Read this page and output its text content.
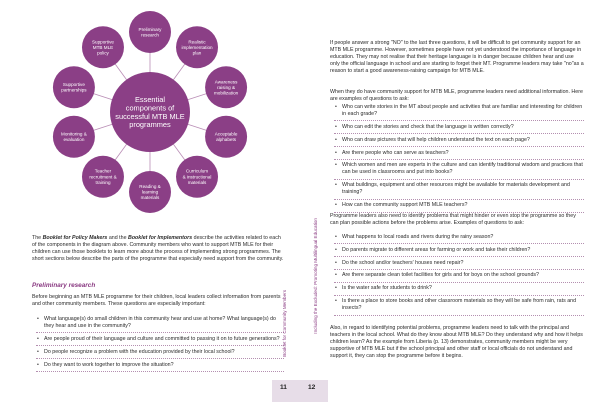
Essential components of successful MTB MLE programmes
Preliminary research
Realistic implementation plan
Awareness raising & mobilization
Acceptable alphabets
Curriculum & instructional materials
Reading & learning materials
Teacher recruitment & training
Monitoring & evaluation
Supportive partnerships
Supportive MTB MLE policy

The Booklet for Policy Makers and the Booklet for Implementors describe the activities related to each of the components in the diagram above. Community members who want to support MTB MLE for their children can use those booklets to learn more about the process of implementing strong programmes. The short sections below describe the parts of the programme that especially need support from the community.

Preliminary research
Before beginning an MTB MLE programme for their children, local leaders collect information from parents and other community members. These questions are especially important:
• What language(s) do small children in this community hear and use at home? What language(s) do they hear and use in the community?
• Are people proud of their language and culture and committed to passing it on to future generations?
• Do people recognize a problem with the education provided by their local school?
• Do they want to work together to improve the situation?
Booklet for Community Members
11	12
Including the Excluded: Promoting Multilingual Education
If people answer a strong "NO" to the last three questions, it will be difficult to get community support for an MTB MLE programme. However, sometimes people have not yet understood the importance of language in education. They may not realise that their heritage language is in danger because children hear and use only the official language in school and are starting to forget their MT. Programme leaders may take "no"as a reason to start a good awareness-raising campaign for MTB MLE.
When they do have community support for MTB MLE, programme leaders need additional information. Here are examples of questions to ask:
• Who can write stories in the MT about people and activities that are familiar and interesting for children in each grade?
• Who can edit the stories and check that the language is written correctly?
• Who can draw pictures that will help children understand the text on each page?
• Are there people who can serve as teachers?
• Which women and men are experts in the culture and can identify traditional wisdom and practices that can be used in classrooms and put into books?
• What buildings, equipment and other resources might be available for materials development and training?
• How can the community support MTB MLE teachers?
Programme leaders also need to identify problems that might hinder or even stop the programme so they can plan possible actions before the problems arise. Examples of questions to ask:
• What happens to local roads and rivers during the rainy season?
• Do parents migrate to different areas for farming or work and take their children?
• Do the school and/or teachers' houses need repair?
• Are there separate clean toilet facilities for girls and for boys on the school grounds?
• Is the water safe for students to drink?
• Is there a place to store books and other classroom materials so they will be safe from rain, rats and insects?
Also, in regard to identifying potential problems, programme leaders need to talk with the principal and teachers in the local school. What do they know about MTB MLE? Do they understand why and how it helps children learn? As the example from Liberia (p. 13) demonstrates, community members might be very supportive of MTB MLE but if the school principal and other staff or local officials do not understand and support it, they can stop the programme before it begins.
